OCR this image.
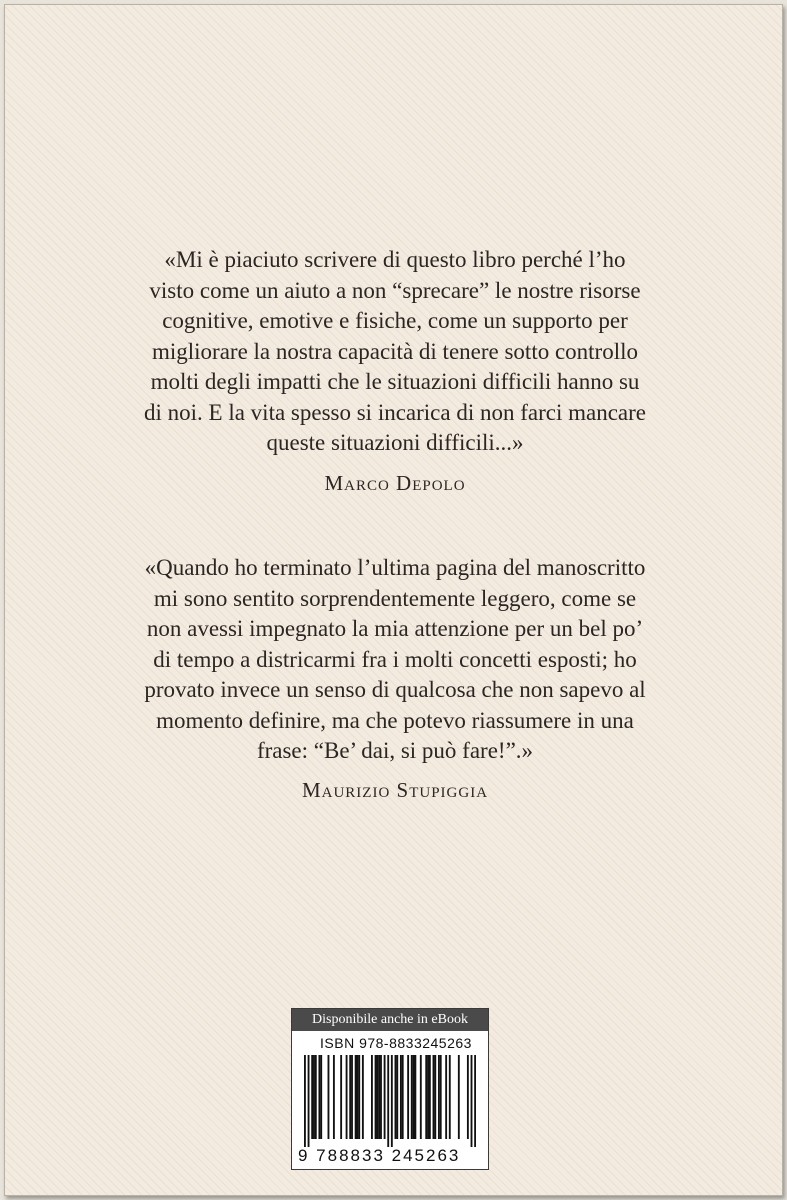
«Mi è piaciuto scrivere di questo libro perché l’ho
visto come un aiuto a non “sprecare” le nostre risorse
cognitive, emotive e fisiche, come un supporto per
migliorare la nostra capacità di tenere sotto controllo
molti degli impatti che le situazioni difficili hanno su
di noi. E la vita spesso si incarica di non farci mancare
queste situazioni difficili...»
Marco Depolo
«Quando ho terminato l’ultima pagina del manoscritto
mi sono sentito sorprendentemente leggero, come se
non avessi impegnato la mia attenzione per un bel po’
di tempo a districarmi fra i molti concetti esposti; ho
provato invece un senso di qualcosa che non sapevo al
momento definire, ma che potevo riassumere in una
frase: “Be’ dai, si può fare!”.»
Maurizio Stupiggia
Disponibile anche in eBook
ISBN 978-8833245263
9 788833 245263
